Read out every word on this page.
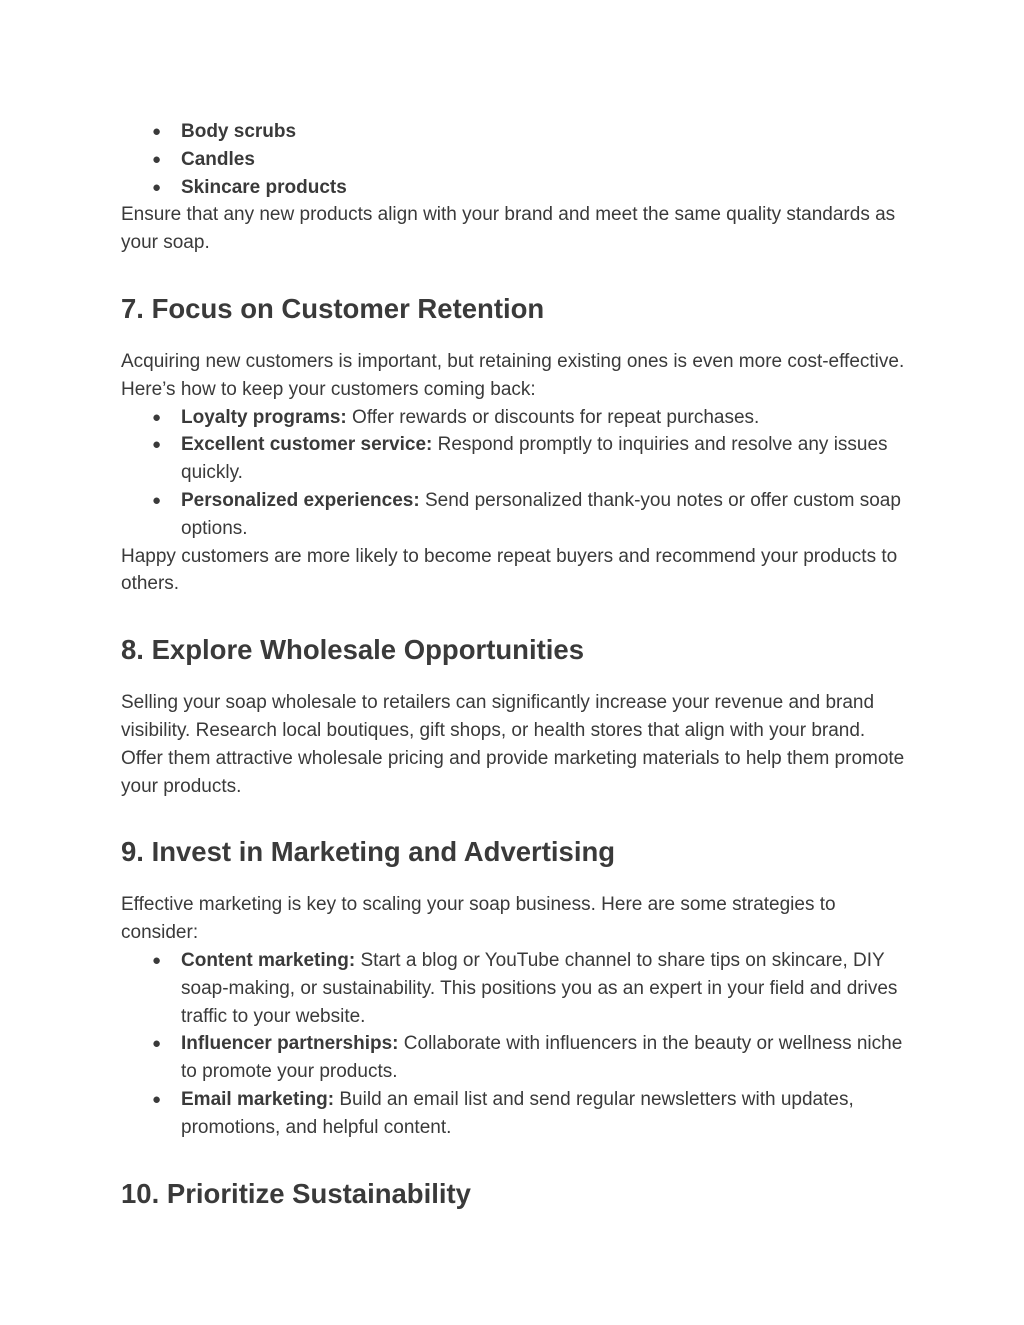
● Body scrubs
● Candles
● Skincare products

Ensure that any new products align with your brand and meet the same quality standards as your soap.

7. Focus on Customer Retention

Acquiring new customers is important, but retaining existing ones is even more cost-effective. Here’s how to keep your customers coming back:

● Loyalty programs: Offer rewards or discounts for repeat purchases.
● Excellent customer service: Respond promptly to inquiries and resolve any issues quickly.
● Personalized experiences: Send personalized thank-you notes or offer custom soap options.

Happy customers are more likely to become repeat buyers and recommend your products to others.

8. Explore Wholesale Opportunities

Selling your soap wholesale to retailers can significantly increase your revenue and brand visibility. Research local boutiques, gift shops, or health stores that align with your brand. Offer them attractive wholesale pricing and provide marketing materials to help them promote your products.

9. Invest in Marketing and Advertising

Effective marketing is key to scaling your soap business. Here are some strategies to consider:

● Content marketing: Start a blog or YouTube channel to share tips on skincare, DIY soap-making, or sustainability. This positions you as an expert in your field and drives traffic to your website.
● Influencer partnerships: Collaborate with influencers in the beauty or wellness niche to promote your products.
● Email marketing: Build an email list and send regular newsletters with updates, promotions, and helpful content.
10. Prioritize Sustainability
